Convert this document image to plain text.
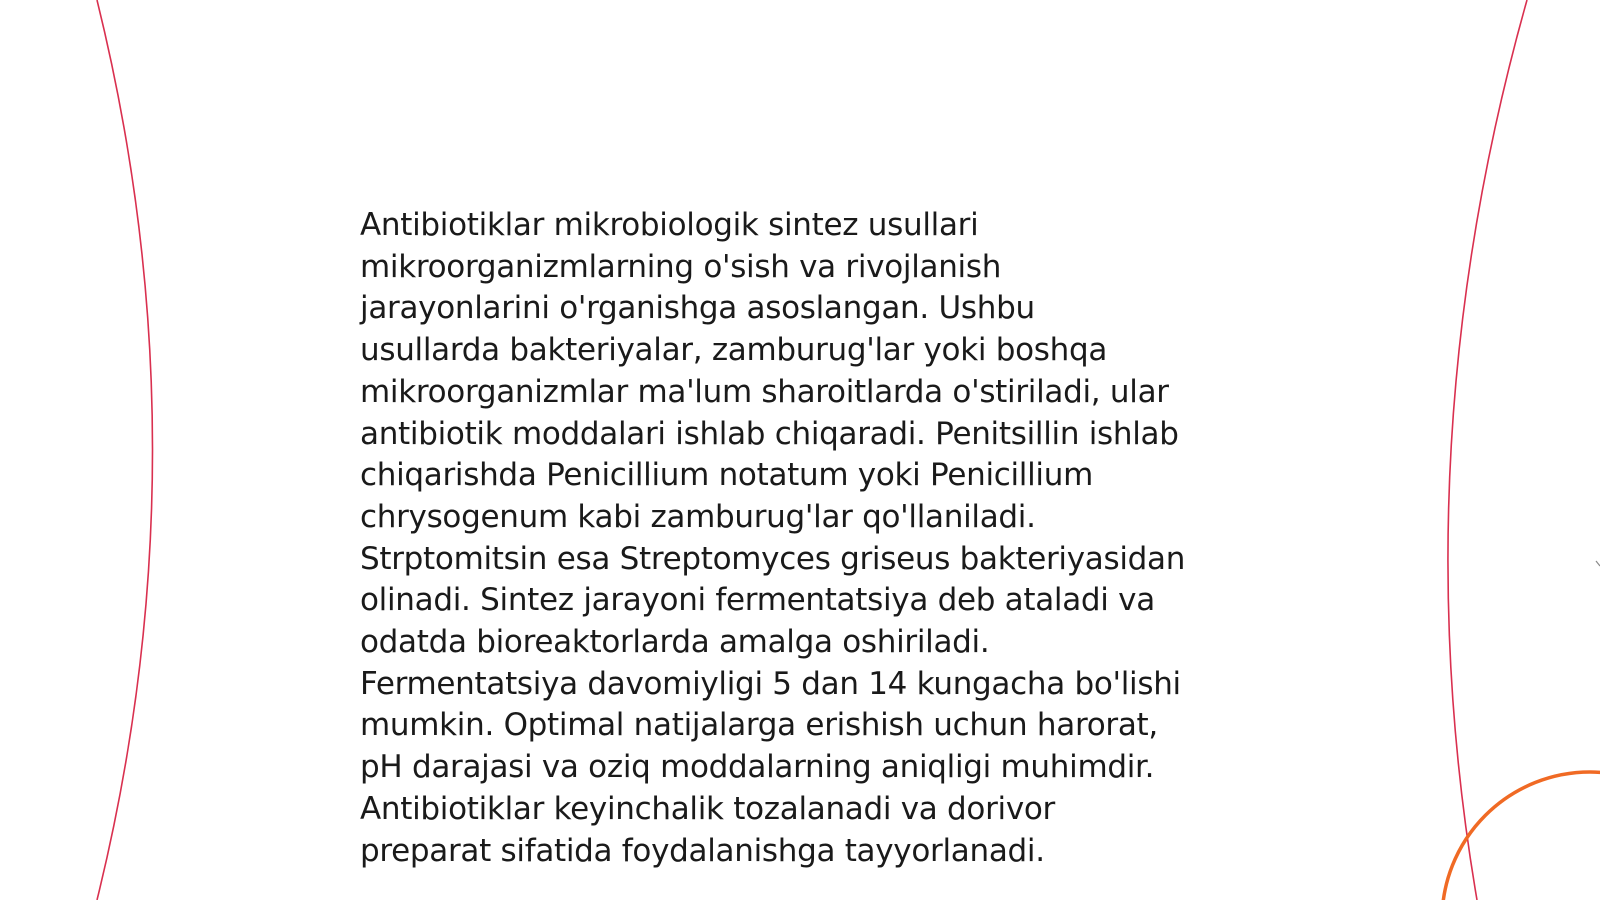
Antibiotiklar mikrobiologik sintez usullari
mikroorganizmlarning o'sish va rivojlanish
jarayonlarini o'rganishga asoslangan. Ushbu
usullarda bakteriyalar, zamburug'lar yoki boshqa
mikroorganizmlar ma'lum sharoitlarda o'stiriladi, ular
antibiotik moddalari ishlab chiqaradi. Penitsillin ishlab
chiqarishda Penicillium notatum yoki Penicillium
chrysogenum kabi zamburug'lar qo'llaniladi.
Strptomitsin esa Streptomyces griseus bakteriyasidan
olinadi. Sintez jarayoni fermentatsiya deb ataladi va
odatda bioreaktorlarda amalga oshiriladi.
Fermentatsiya davomiyligi 5 dan 14 kungacha bo'lishi
mumkin. Optimal natijalarga erishish uchun harorat,
pH darajasi va oziq moddalarning aniqligi muhimdir.
Antibiotiklar keyinchalik tozalanadi va dorivor
preparat sifatida foydalanishga tayyorlanadi.
